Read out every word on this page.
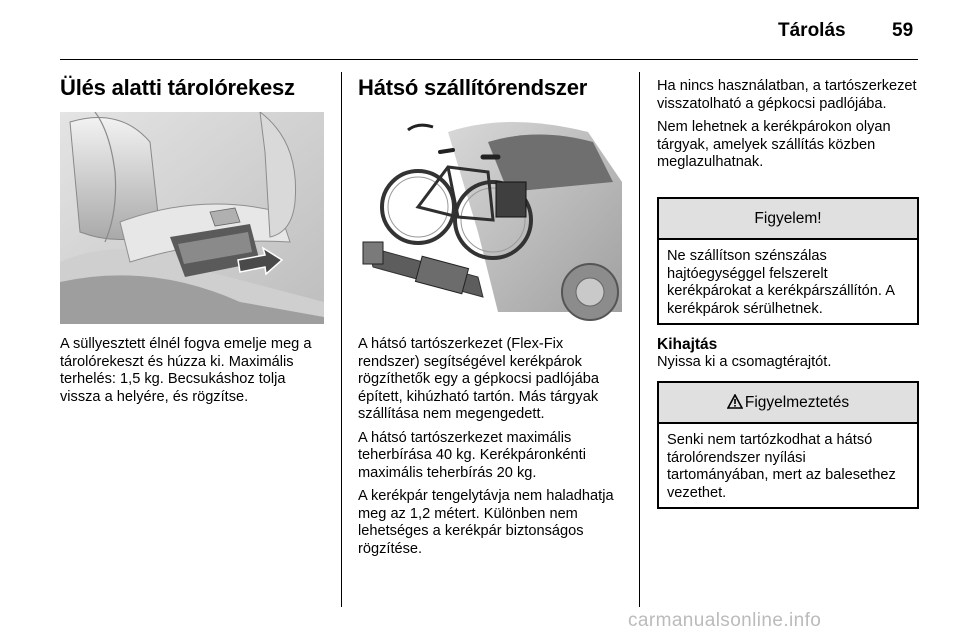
Tárolás 59
Ülés alatti tárolórekesz

A süllyesztett élnél fogva emelje meg a tárolórekeszt és húzza ki. Maximális terhelés: 1,5 kg. Becsukáshoz tolja vissza a helyére, és rögzítse.

Hátsó szállítórendszer

A hátsó tartószerkezet (Flex-Fix rendszer) segítségével kerékpárok rögzíthetők egy a gépkocsi padlójába épített, kihúzható tartón. Más tárgyak szállítása nem megengedett.

A hátsó tartószerkezet maximális teherbírása 40 kg. Kerékpáronkénti maximális teherbírás 20 kg.

A kerékpár tengelytávja nem haladhatja meg az 1,2 métert. Különben nem lehetséges a kerékpár biztonságos rögzítése.

Ha nincs használatban, a tartószerkezet visszatolható a gépkocsi padlójába.

Nem lehetnek a kerékpárokon olyan tárgyak, amelyek szállítás közben meglazulhatnak.

Figyelem!
Ne szállítson szénszálas hajtóegységgel felszerelt kerékpárokat a kerékpárszállítón. A kerékpárok sérülhetnek.
Kihajtás

Nyissa ki a csomagtérajtót.

Figyelmeztetés
Senki nem tartózkodhat a hátsó tárolórendszer nyílási tartományában, mert az balesethez vezethet.
carmanualsonline.info
